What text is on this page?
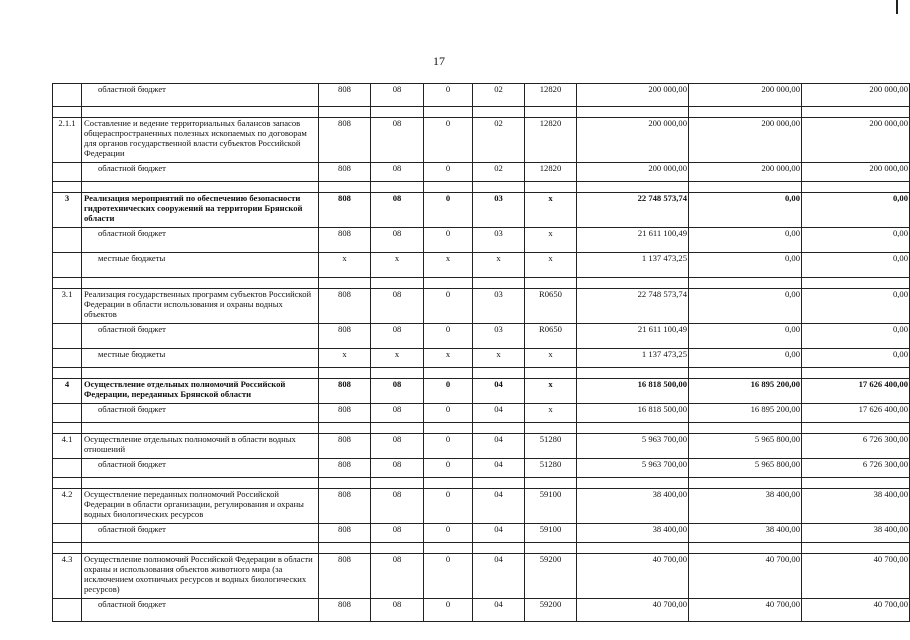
17
	областной бюджет	808	08	0	02	12820	200 000,00	200 000,00	200 000,00

2.1.1	Составление и ведение территориальных балансов запасов общераспространенных полезных ископаемых по договорам для органов государственной власти субъектов Российской Федерации	808	08	0	02	12820	200 000,00	200 000,00	200 000,00
	областной бюджет	808	08	0	02	12820	200 000,00	200 000,00	200 000,00

3	Реализация мероприятий по обеспечению безопасности гидротехнических сооружений на территории Брянской области	808	08	0	03	х	22 748 573,74	0,00	0,00
	областной бюджет	808	08	0	03	х	21 611 100,49	0,00	0,00
	местные бюджеты	х	х	х	х	х	1 137 473,25	0,00	0,00

3.1	Реализация государственных программ субъектов Российской Федерации в области использования и охраны водных объектов	808	08	0	03	R0650	22 748 573,74	0,00	0,00
	областной бюджет	808	08	0	03	R0650	21 611 100,49	0,00	0,00
	местные бюджеты	х	х	х	х	х	1 137 473,25	0,00	0,00

4	Осуществление отдельных полномочий Российской Федерации, переданных Брянской области	808	08	0	04	х	16 818 500,00	16 895 200,00	17 626 400,00
	областной бюджет	808	08	0	04	х	16 818 500,00	16 895 200,00	17 626 400,00

4.1	Осуществление отдельных полномочий в области водных отношений	808	08	0	04	51280	5 963 700,00	5 965 800,00	6 726 300,00
	областной бюджет	808	08	0	04	51280	5 963 700,00	5 965 800,00	6 726 300,00

4.2	Осуществление переданных полномочий Российской Федерации в области организации, регулирования и охраны водных биологических ресурсов	808	08	0	04	59100	38 400,00	38 400,00	38 400,00
	областной бюджет	808	08	0	04	59100	38 400,00	38 400,00	38 400,00

4.3	Осуществление полномочий Российской Федерации в области охраны и использования объектов животного мира (за исключением охотничьих ресурсов и водных биологических ресурсов)	808	08	0	04	59200	40 700,00	40 700,00	40 700,00
	областной бюджет	808	08	0	04	59200	40 700,00	40 700,00	40 700,00
